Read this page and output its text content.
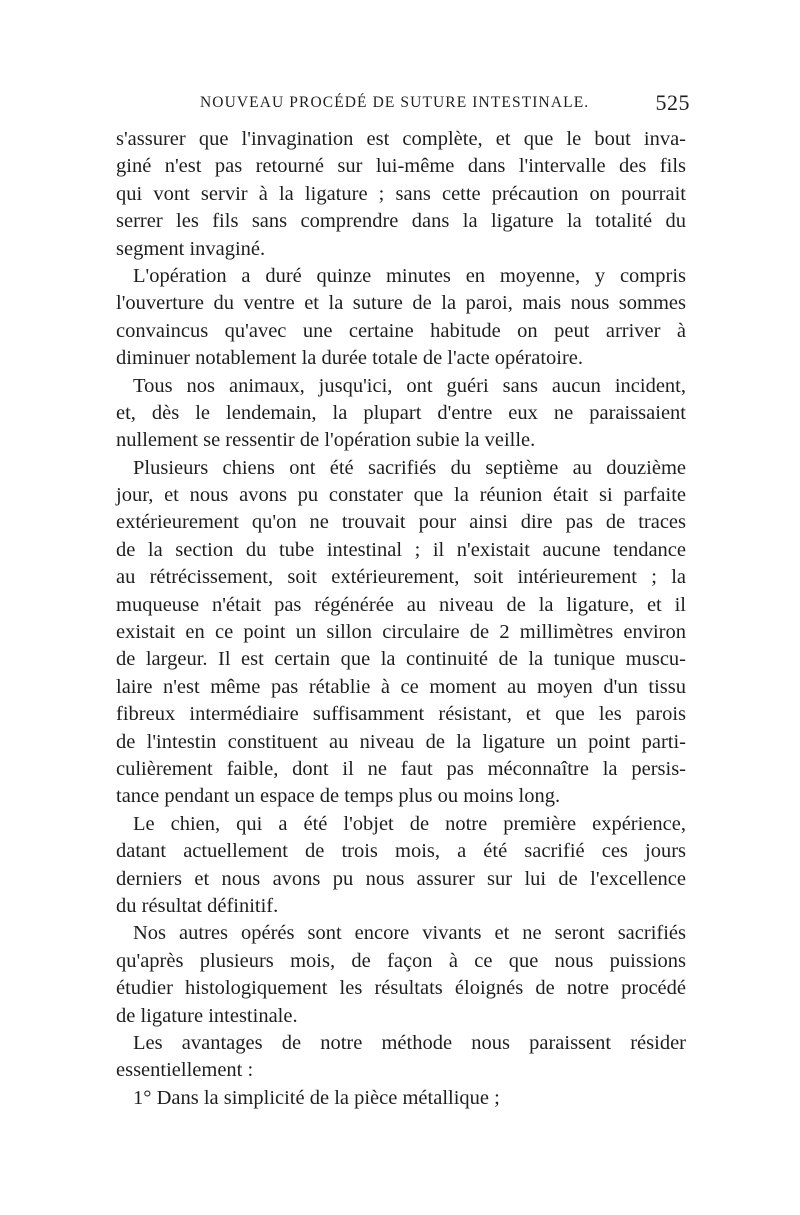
NOUVEAU PROCÉDÉ DE SUTURE INTESTINALE.	525
s'assurer que l'invagination est complète, et que le bout inva-
giné n'est pas retourné sur lui-même dans l'intervalle des fils
qui vont servir à la ligature ; sans cette précaution on pourrait
serrer les fils sans comprendre dans la ligature la totalité du
segment invaginé.
L'opération a duré quinze minutes en moyenne, y compris
l'ouverture du ventre et la suture de la paroi, mais nous sommes
convaincus qu'avec une certaine habitude on peut arriver à
diminuer notablement la durée totale de l'acte opératoire.
Tous nos animaux, jusqu'ici, ont guéri sans aucun incident,
et, dès le lendemain, la plupart d'entre eux ne paraissaient
nullement se ressentir de l'opération subie la veille.
Plusieurs chiens ont été sacrifiés du septième au douzième
jour, et nous avons pu constater que la réunion était si parfaite
extérieurement qu'on ne trouvait pour ainsi dire pas de traces
de la section du tube intestinal ; il n'existait aucune tendance
au rétrécissement, soit extérieurement, soit intérieurement ; la
muqueuse n'était pas régénérée au niveau de la ligature, et il
existait en ce point un sillon circulaire de 2 millimètres environ
de largeur. Il est certain que la continuité de la tunique muscu-
laire n'est même pas rétablie à ce moment au moyen d'un tissu
fibreux intermédiaire suffisamment résistant, et que les parois
de l'intestin constituent au niveau de la ligature un point parti-
culièrement faible, dont il ne faut pas méconnaître la persis-
tance pendant un espace de temps plus ou moins long.
Le chien, qui a été l'objet de notre première expérience,
datant actuellement de trois mois, a été sacrifié ces jours
derniers et nous avons pu nous assurer sur lui de l'excellence
du résultat définitif.
Nos autres opérés sont encore vivants et ne seront sacrifiés
qu'après plusieurs mois, de façon à ce que nous puissions
étudier histologiquement les résultats éloignés de notre procédé
de ligature intestinale.
Les avantages de notre méthode nous paraissent résider
essentiellement :
1° Dans la simplicité de la pièce métallique ;
